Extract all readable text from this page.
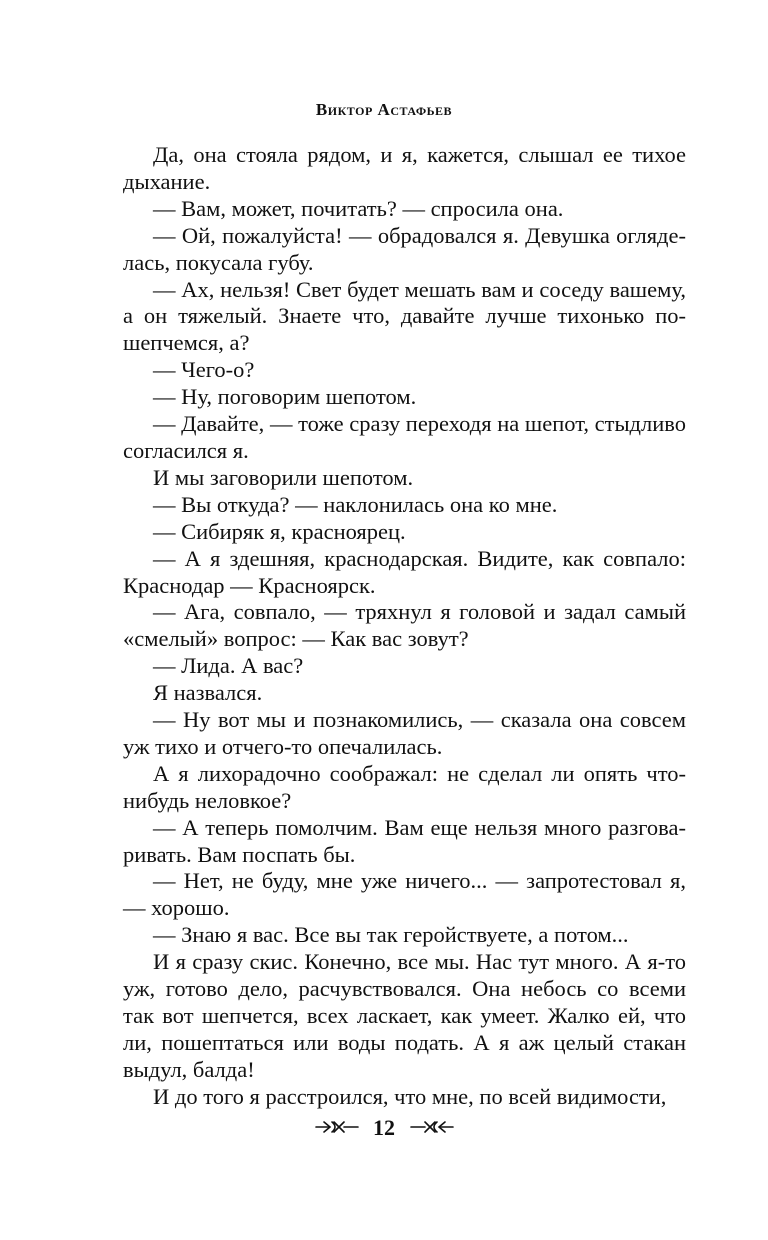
Виктор Астафьев

Да, она стояла рядом, и я, кажется, слышал ее тихое дыхание.

— Вам, может, почитать? — спросила она.

— Ой, пожалуйста! — обрадовался я. Девушка огляделась, покусала губу.

— Ах, нельзя! Свет будет мешать вам и соседу вашему, а он тяжелый. Знаете что, давайте лучше тихонько пошепчемся, а?

— Чего-о?

— Ну, поговорим шепотом.

— Давайте, — тоже сразу переходя на шепот, стыдливо согласился я.

И мы заговорили шепотом.

— Вы откуда? — наклонилась она ко мне.

— Сибиряк я, красноярец.

— А я здешняя, краснодарская. Видите, как совпало: Краснодар — Красноярск.

— Ага, совпало, — тряхнул я головой и задал самый «смелый» вопрос: — Как вас зовут?

— Лида. А вас?

Я назвался.

— Ну вот мы и познакомились, — сказала она совсем уж тихо и отчего-то опечалилась.

А я лихорадочно соображал: не сделал ли опять что-нибудь неловкое?

— А теперь помолчим. Вам еще нельзя много разговаривать. Вам поспать бы.

— Нет, не буду, мне уже ничего... — запротестовал я, — хорошо.

— Знаю я вас. Все вы так геройствуете, а потом...

И я сразу скис. Конечно, все мы. Нас тут много. А я-то уж, готово дело, расчувствовался. Она небось со всеми так вот шепчется, всех ласкает, как умеет. Жалко ей, что ли, пошептаться или воды подать. А я аж целый стакан выдул, балда!

И до того я расстроился, что мне, по всей видимости,

12
